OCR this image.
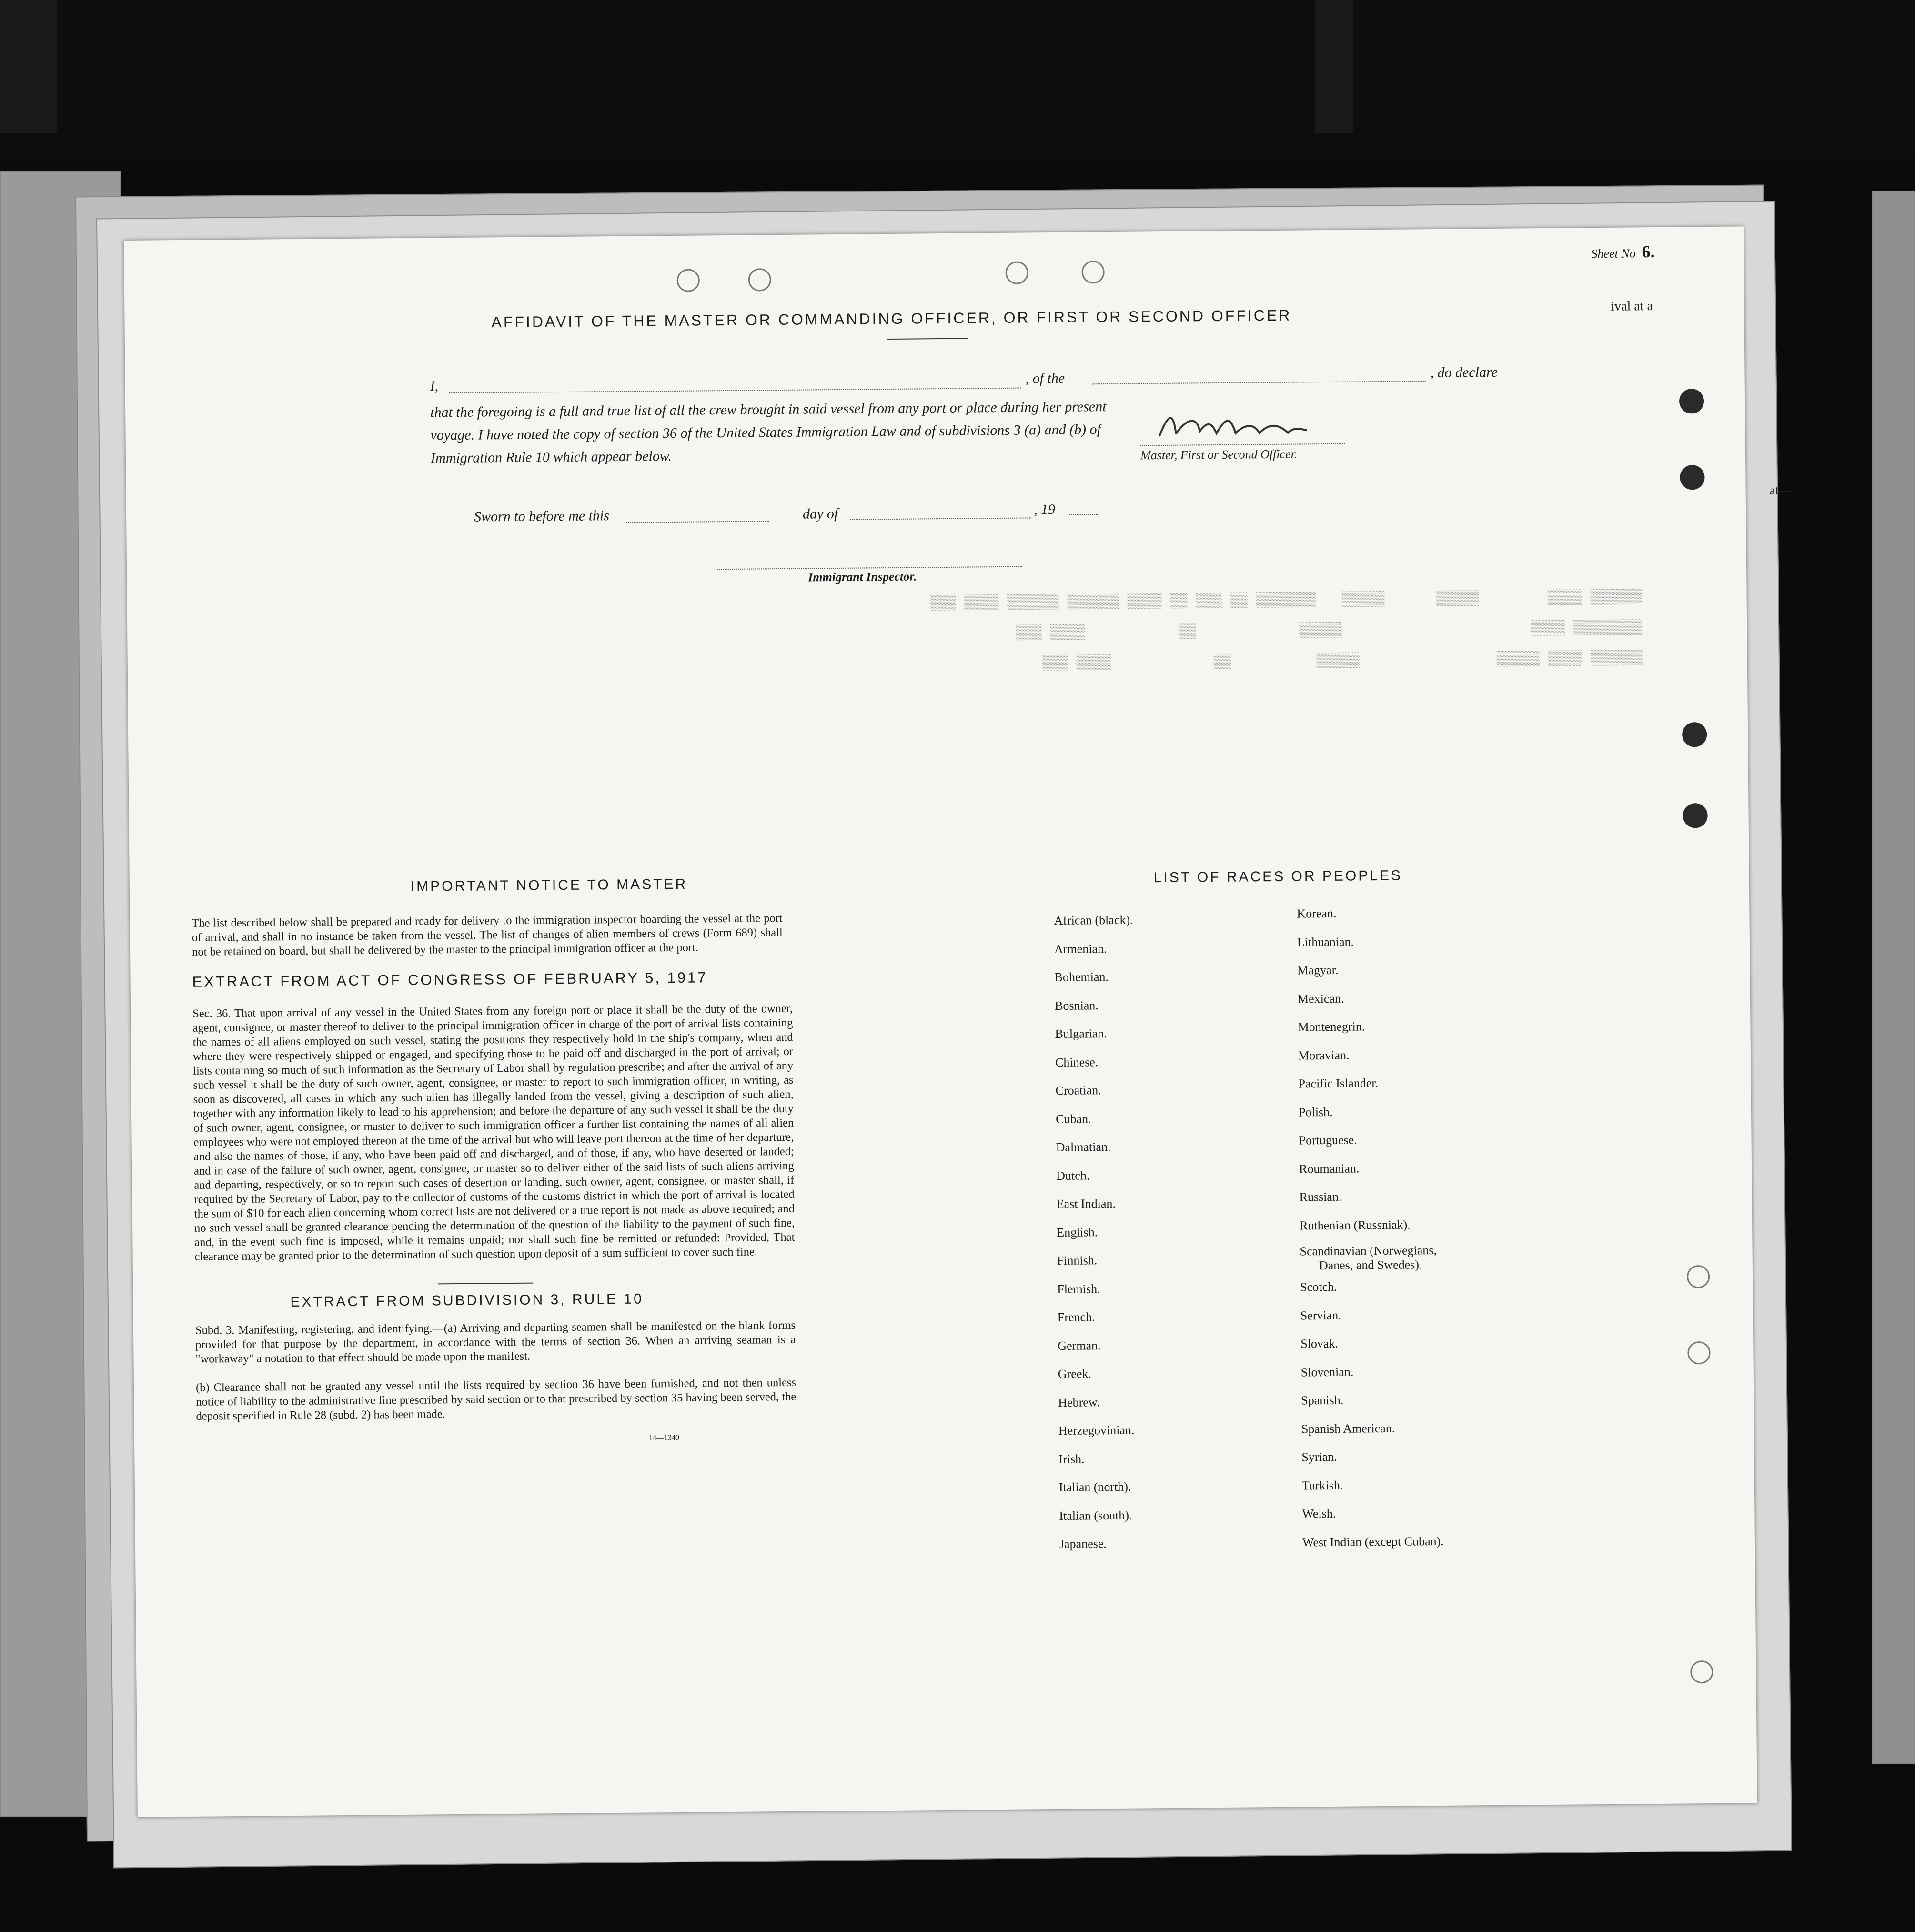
Sheet No 6.
ival at a
at—
AFFIDAVIT OF THE MASTER OR COMMANDING OFFICER, OR FIRST OR SECOND OFFICER
I,	, of the	, do declare
that the foregoing is a full and true list of all the crew brought in said vessel from any port or place during her present
voyage. I have noted the copy of section 36 of the United States Immigration Law and of subdivisions 3 (a) and (b) of
Immigration Rule 10 which appear below.	Master, First or Second Officer.
Sworn to before me this	day of	, 19
Immigrant Inspector.
▒▒▒▒▒▒ ▒▒▒▒        ▒▒▒▒▒      ▒▒▒▒▒   ▒▒▒▒▒▒▒ ▒▒ ▒▒▒ ▒▒ ▒▒▒▒ ▒▒▒▒▒▒ ▒▒▒▒▒▒ ▒▒▒▒ ▒▒▒
▒▒▒▒▒▒▒▒ ▒▒▒▒                      ▒▒▒▒▒            ▒▒           ▒▒▒▒ ▒▒▒
▒▒▒▒▒▒ ▒▒▒▒ ▒▒▒▒▒                ▒▒▒▒▒          ▒▒            ▒▒▒▒ ▒▒▒
IMPORTANT NOTICE TO MASTER
The list described below shall be prepared and ready for delivery to the immigration inspector boarding the vessel at the port of arrival, and shall in no instance be taken from the vessel. The list of changes of alien members of crews (Form 689) shall not be retained on board, but shall be delivered by the master to the principal immigration officer at the port.
EXTRACT FROM ACT OF CONGRESS OF FEBRUARY 5, 1917
Sec. 36. That upon arrival of any vessel in the United States from any foreign port or place it shall be the duty of the owner, agent, consignee, or master thereof to deliver to the principal immigration officer in charge of the port of arrival lists containing the names of all aliens employed on such vessel, stating the positions they respectively hold in the ship's company, when and where they were respectively shipped or engaged, and specifying those to be paid off and discharged in the port of arrival; or lists containing so much of such information as the Secretary of Labor shall by regulation prescribe; and after the arrival of any such vessel it shall be the duty of such owner, agent, consignee, or master to report to such immigration officer, in writing, as soon as discovered, all cases in which any such alien has illegally landed from the vessel, giving a description of such alien, together with any information likely to lead to his apprehension; and before the departure of any such vessel it shall be the duty of such owner, agent, consignee, or master to deliver to such immigration officer a further list containing the names of all alien employees who were not employed thereon at the time of the arrival but who will leave port thereon at the time of her departure, and also the names of those, if any, who have been paid off and discharged, and of those, if any, who have deserted or landed; and in case of the failure of such owner, agent, consignee, or master so to deliver either of the said lists of such aliens arriving and departing, respectively, or so to report such cases of desertion or landing, such owner, agent, consignee, or master shall, if required by the Secretary of Labor, pay to the collector of customs of the customs district in which the port of arrival is located the sum of $10 for each alien concerning whom correct lists are not delivered or a true report is not made as above required; and no such vessel shall be granted clearance pending the determination of the question of the liability to the payment of such fine, and, in the event such fine is imposed, while it remains unpaid; nor shall such fine be remitted or refunded: Provided, That clearance may be granted prior to the determination of such question upon deposit of a sum sufficient to cover such fine.
EXTRACT FROM SUBDIVISION 3, RULE 10
Subd. 3. Manifesting, registering, and identifying.—(a) Arriving and departing seamen shall be manifested on the blank forms provided for that purpose by the department, in accordance with the terms of section 36. When an arriving seaman is a "workaway" a notation to that effect should be made upon the manifest.
(b) Clearance shall not be granted any vessel until the lists required by section 36 have been furnished, and not then unless notice of liability to the administrative fine prescribed by said section or to that prescribed by section 35 having been served, the deposit specified in Rule 28 (subd. 2) has been made.
14—1340
LIST OF RACES OR PEOPLES
African (black).
Armenian.
Bohemian.
Bosnian.
Bulgarian.
Chinese.
Croatian.
Cuban.
Dalmatian.
Dutch.
East Indian.
English.
Finnish.
Flemish.
French.
German.
Greek.
Hebrew.
Herzegovinian.
Irish.
Italian (north).
Italian (south).
Japanese.
Korean.
Lithuanian.
Magyar.
Mexican.
Montenegrin.
Moravian.
Pacific Islander.
Polish.
Portuguese.
Roumanian.
Russian.
Ruthenian (Russniak).
Scandinavian (Norwegians,
Danes, and Swedes).
Scotch.
Servian.
Slovak.
Slovenian.
Spanish.
Spanish American.
Syrian.
Turkish.
Welsh.
West Indian (except Cuban).
